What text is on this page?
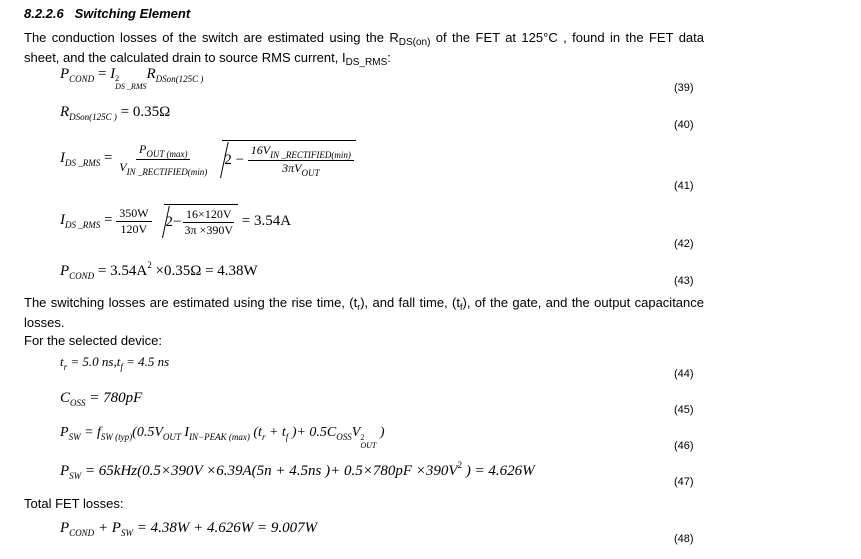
8.2.2.6 Switching Element
The conduction losses of the switch are estimated using the $R_{DS(on)}$ of the FET at 125°C , found in the FET data sheet, and the calculated drain to source RMS current, $I_{DS\_RMS}$:
$P_{COND} = I$ 2
DS _RMS
$R_{DSon(125C )}$
$R_{DSon(125C )} = 0.35\Omega$
$I_{DS \_RMS} = \frac{P_{OUT (max)}}{V_{IN \_RECTIFIED(min)}} 2 - \frac{16V_{IN \_RECTIFIED(min)}}{3\pi V_{OUT}}$
$I_{DS \_RMS} = \frac{350W}{120V} 2 - \frac{16\times 120V}{3\pi \times 390V}$
= 3.54A
$P_{COND} = 3.54A^2 \times 0.35\Omega = 4.38W$
The switching losses are estimated using the rise time, $(t_r)$, and fall time, $(t_f)$, of the gate, and the output capacitance losses.
For the selected device:
$t_r = 5.0$ $ns,t_f = 4.5$ ns
$C_{OSS} = 780pF$
$P_{SW} = f_{SW (typ)}(0.5V_{OUT}$ $I_{IN-PEAK (max)}$ ($t_r + t_f$ )+ $0.5C_{OSS}V$ 2
OUT
)
$P_{SW} = 65kHz(0.5\times 390V \times 6.39A(5n + 4.5ns$ )+ $0.5\times 780pF \times 390V^2$ ) = 4.626W
Total FET losses:
$P_{COND} + P_{SW} = 4.38W + 4.626W = 9.007W$
(39)
(40)
(41)
(42)
(43)
(44)
(45)
(46)
(47)
(48)
